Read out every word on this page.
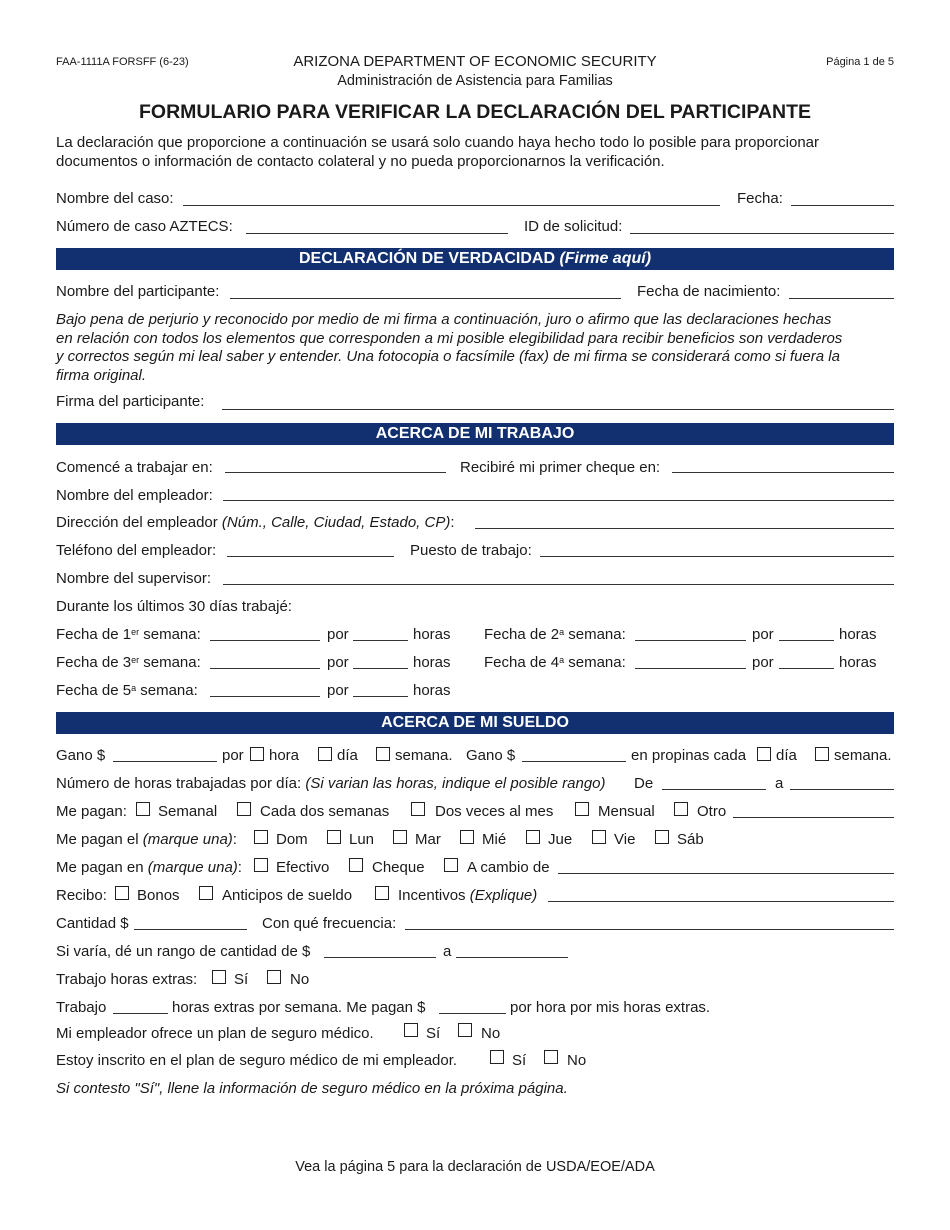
FAA-1111A FORSFF (6-23)	ARIZONA DEPARTMENT OF ECONOMIC SECURITY
Administración de Asistencia para Familias
Página 1 de 5
FORMULARIO PARA VERIFICAR LA DECLARACIÓN DEL PARTICIPANTE
La declaración que proporcione a continuación se usará solo cuando haya hecho todo lo posible para proporcionar
documentos o información de contacto colateral y no pueda proporcionarnos la verificación.
Nombre del caso:	Fecha:
Número de caso AZTECS:	ID de solicitud:
DECLARACIÓN DE VERDACIDAD (Firme aquí)
Nombre del participante:	Fecha de nacimiento:
Bajo pena de perjurio y reconocido por medio de mi firma a continuación, juro o afirmo que las declaraciones hechas
en relación con todos los elementos que corresponden a mi posible elegibilidad para recibir beneficios son verdaderos
y correctos según mi leal saber y entender. Una fotocopia o facsímile (fax) de mi firma se considerará como si fuera la
firma original.
Firma del participante:
ACERCA DE MI TRABAJO
Comencé a trabajar en:	Recibiré mi primer cheque en:
Nombre del empleador:
Dirección del empleador (Núm., Calle, Ciudad, Estado, CP):
Teléfono del empleador:	Puesto de trabajo:
Nombre del supervisor:
Durante los últimos 30 días trabajé:
Fecha de 1er semana:	por	horas Fecha de 2$^a$ semana:	por	horas
Fecha de 3er semana:	por	horas Fecha de 4$^a$ semana:	por	horas
Fecha de 5$^a$ semana:	por	horas
ACERCA DE MI SUELDO
Gano $	por hora	día semana. Gano $	en propinas cada día semana.
Número de horas trabajadas por día: (Si varian las horas, indique el posible rango) De	a
Me pagan: Semanal	Cada dos semanas	Dos veces al mes	Mensual	Otro
Me pagan el (marque una):	Dom	Lun	Mar	Mié	Jue	Vie	Sáb
Me pagan en (marque una): Efectivo	Cheque	A cambio de
Recibo: Bonos	Anticipos de sueldo	Incentivos (Explique)
Cantidad $	Con qué frecuencia:
Si varía, dé un rango de cantidad de $	a
Trabajo horas extras: Sí	No
Trabajo	horas extras por semana. Me pagan $	por hora por mis horas extras.
Mi empleador ofrece un plan de seguro médico.	Sí	No
Estoy inscrito en el plan de seguro médico de mi empleador.	Sí	No
Si contesto "Sí", llene la información de seguro médico en la próxima página.
Vea la página 5 para la declaración de USDA/EOE/ADA
